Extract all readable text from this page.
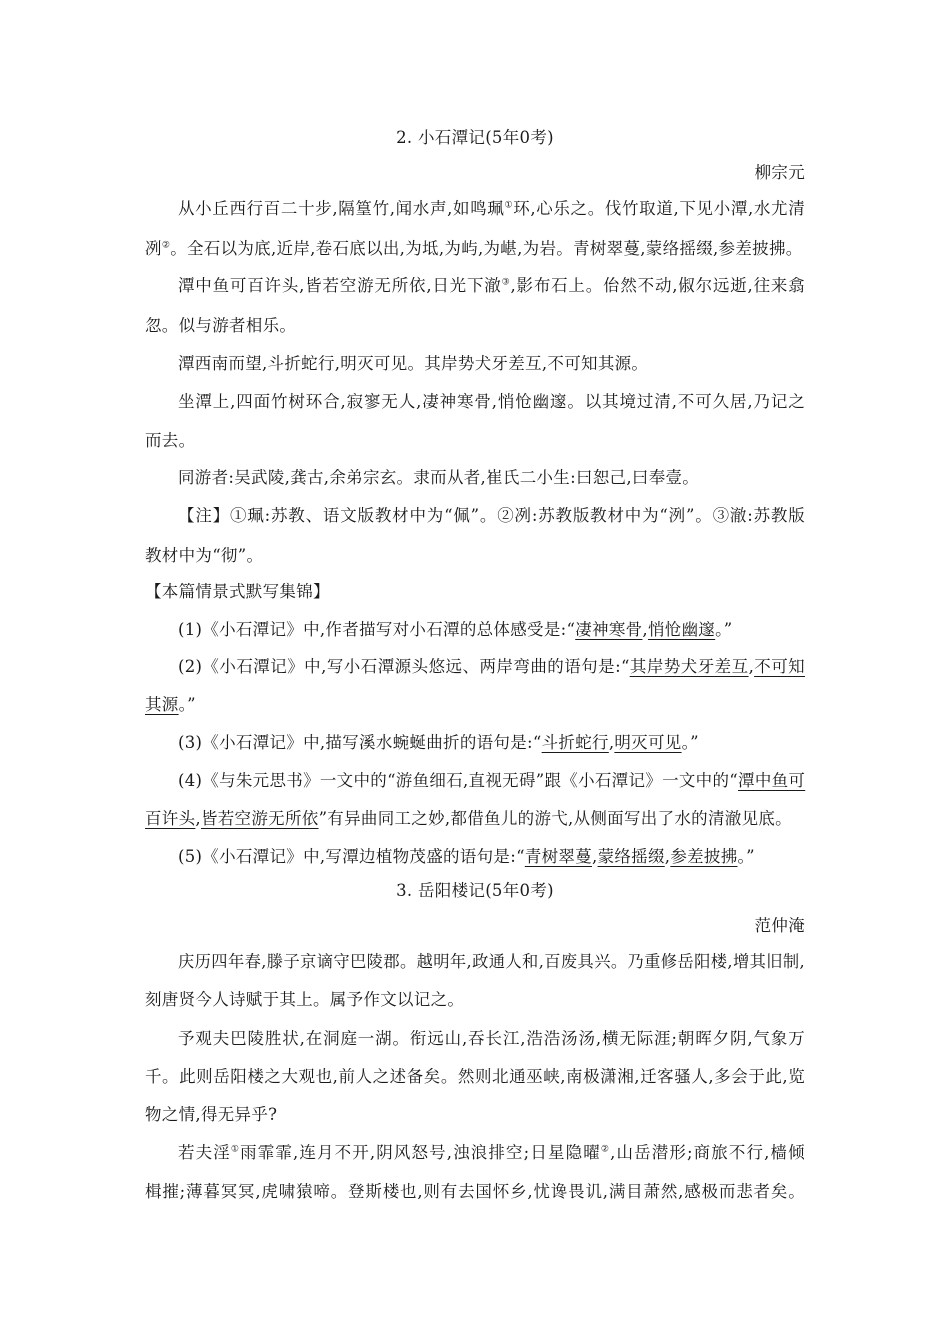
2. 小石潭记(5年0考)

柳宗元

从小丘西行百二十步,隔篁竹,闻水声,如鸣珮①环,心乐之。伐竹取道,下见小潭,水尤清

冽②。全石以为底,近岸,卷石底以出,为坻,为屿,为嵁,为岩。青树翠蔓,蒙络摇缀,参差披拂。

潭中鱼可百许头,皆若空游无所依,日光下澈③,影布石上。佁然不动,俶尔远逝,往来翕

忽。似与游者相乐。

潭西南而望,斗折蛇行,明灭可见。其岸势犬牙差互,不可知其源。

坐潭上,四面竹树环合,寂寥无人,凄神寒骨,悄怆幽邃。以其境过清,不可久居,乃记之

而去。

同游者:吴武陵,龚古,余弟宗玄。隶而从者,崔氏二小生:曰恕己,曰奉壹。

【注】①珮:苏教、语文版教材中为“佩”。②冽:苏教版教材中为“洌”。③澈:苏教版

教材中为“彻”。

【本篇情景式默写集锦】

(1)《小石潭记》中,作者描写对小石潭的总体感受是:“凄神寒骨,悄怆幽邃。”

(2)《小石潭记》中,写小石潭源头悠远、两岸弯曲的语句是:“其岸势犬牙差互,不可知

其源。”

(3)《小石潭记》中,描写溪水蜿蜒曲折的语句是:“斗折蛇行,明灭可见。”

(4)《与朱元思书》一文中的“游鱼细石,直视无碍”跟《小石潭记》一文中的“潭中鱼可

百许头,皆若空游无所依”有异曲同工之妙,都借鱼儿的游弋,从侧面写出了水的清澈见底。

(5)《小石潭记》中,写潭边植物茂盛的语句是:“青树翠蔓,蒙络摇缀,参差披拂。”

3. 岳阳楼记(5年0考)

范仲淹

庆历四年春,滕子京谪守巴陵郡。越明年,政通人和,百废具兴。乃重修岳阳楼,增其旧制,

刻唐贤今人诗赋于其上。属予作文以记之。

予观夫巴陵胜状,在洞庭一湖。衔远山,吞长江,浩浩汤汤,横无际涯;朝晖夕阴,气象万

千。此则岳阳楼之大观也,前人之述备矣。然则北通巫峡,南极潇湘,迁客骚人,多会于此,览

物之情,得无异乎?

若夫淫①雨霏霏,连月不开,阴风怒号,浊浪排空;日星隐曜②,山岳潜形;商旅不行,樯倾

楫摧;薄暮冥冥,虎啸猿啼。登斯楼也,则有去国怀乡,忧谗畏讥,满目萧然,感极而悲者矣。
